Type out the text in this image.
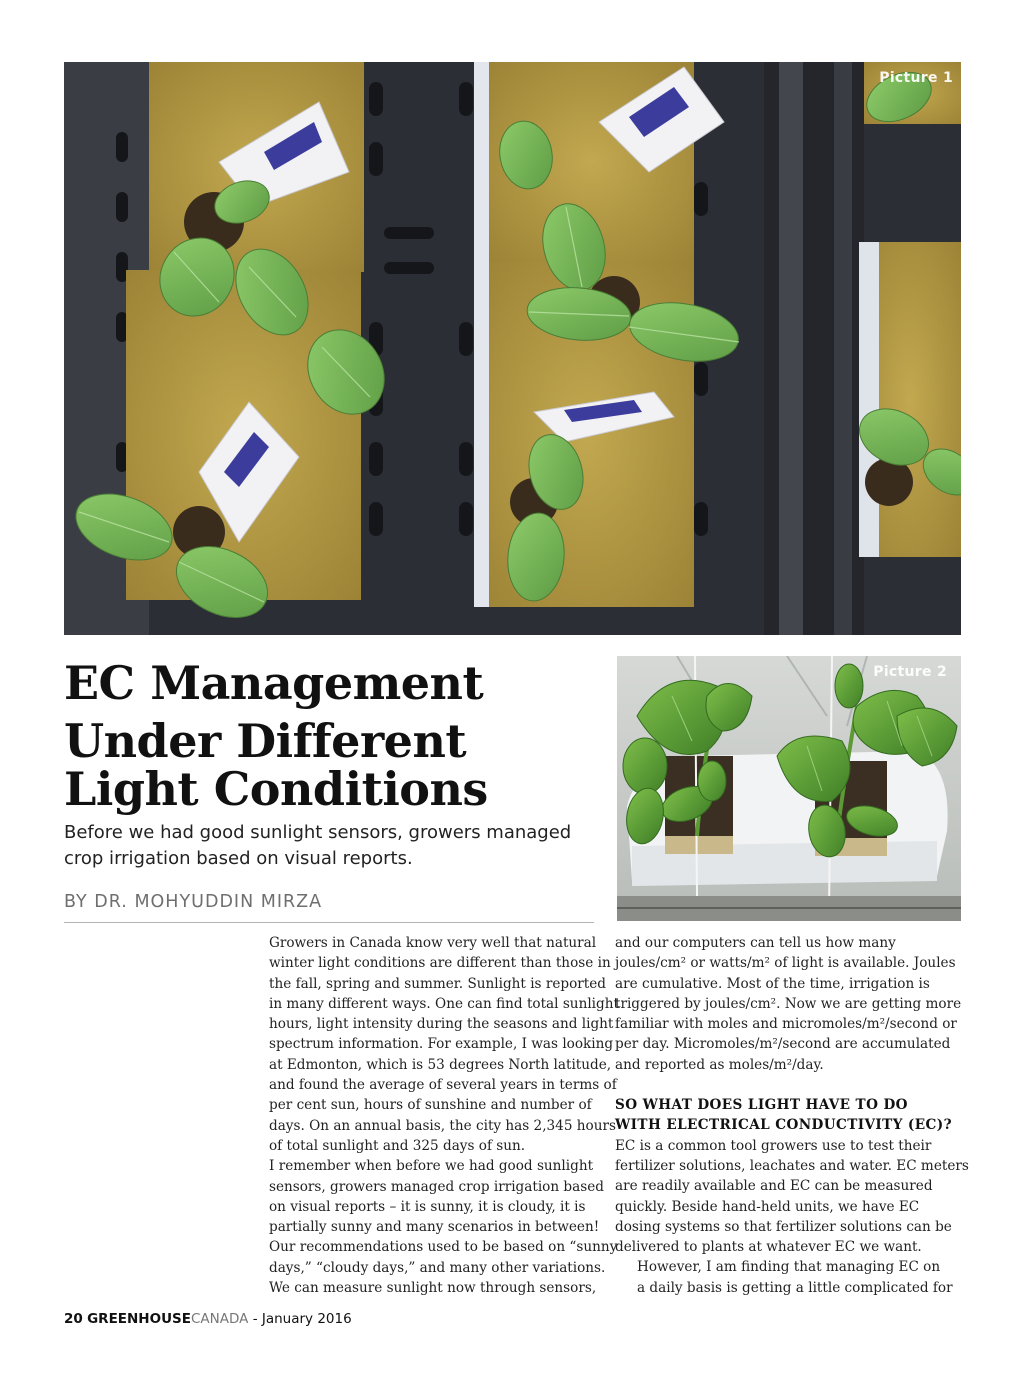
Picture 1
EC Management
Under Different
Light Conditions

Before we had good sunlight sensors, growers managed
crop irrigation based on visual reports.

BY DR. MOHYUDDIN MIRZA

Picture 2

Growers in Canada know very well that natural
winter light conditions are different than those in
the fall, spring and summer. Sunlight is reported
in many different ways. One can find total sunlight
hours, light intensity during the seasons and light
spectrum information. For example, I was looking
at Edmonton, which is 53 degrees North latitude,
and found the average of several years in terms of
per cent sun, hours of sunshine and number of
days. On an annual basis, the city has 2,345 hours
of total sunlight and 325 days of sun.

I remember when before we had good sunlight
sensors, growers managed crop irrigation based
on visual reports – it is sunny, it is cloudy, it is
partially sunny and many scenarios in between!
Our recommendations used to be based on “sunny
days,” “cloudy days,” and many other variations.

We can measure sunlight now through sensors,

and our computers can tell us how many
joules/cm² or watts/m² of light is available. Joules
are cumulative. Most of the time, irrigation is
triggered by joules/cm². Now we are getting more
familiar with moles and micromoles/m²/second or
per day. Micromoles/m²/second are accumulated
and reported as moles/m²/day.

SO WHAT DOES LIGHT HAVE TO DO
WITH ELECTRICAL CONDUCTIVITY (EC)?

EC is a common tool growers use to test their
fertilizer solutions, leachates and water. EC meters
are readily available and EC can be measured
quickly. Beside hand-held units, we have EC
dosing systems so that fertilizer solutions can be
delivered to plants at whatever EC we want.

However, I am finding that managing EC on
a daily basis is getting a little complicated for

20 GREENHOUSECANADA - January 2016
